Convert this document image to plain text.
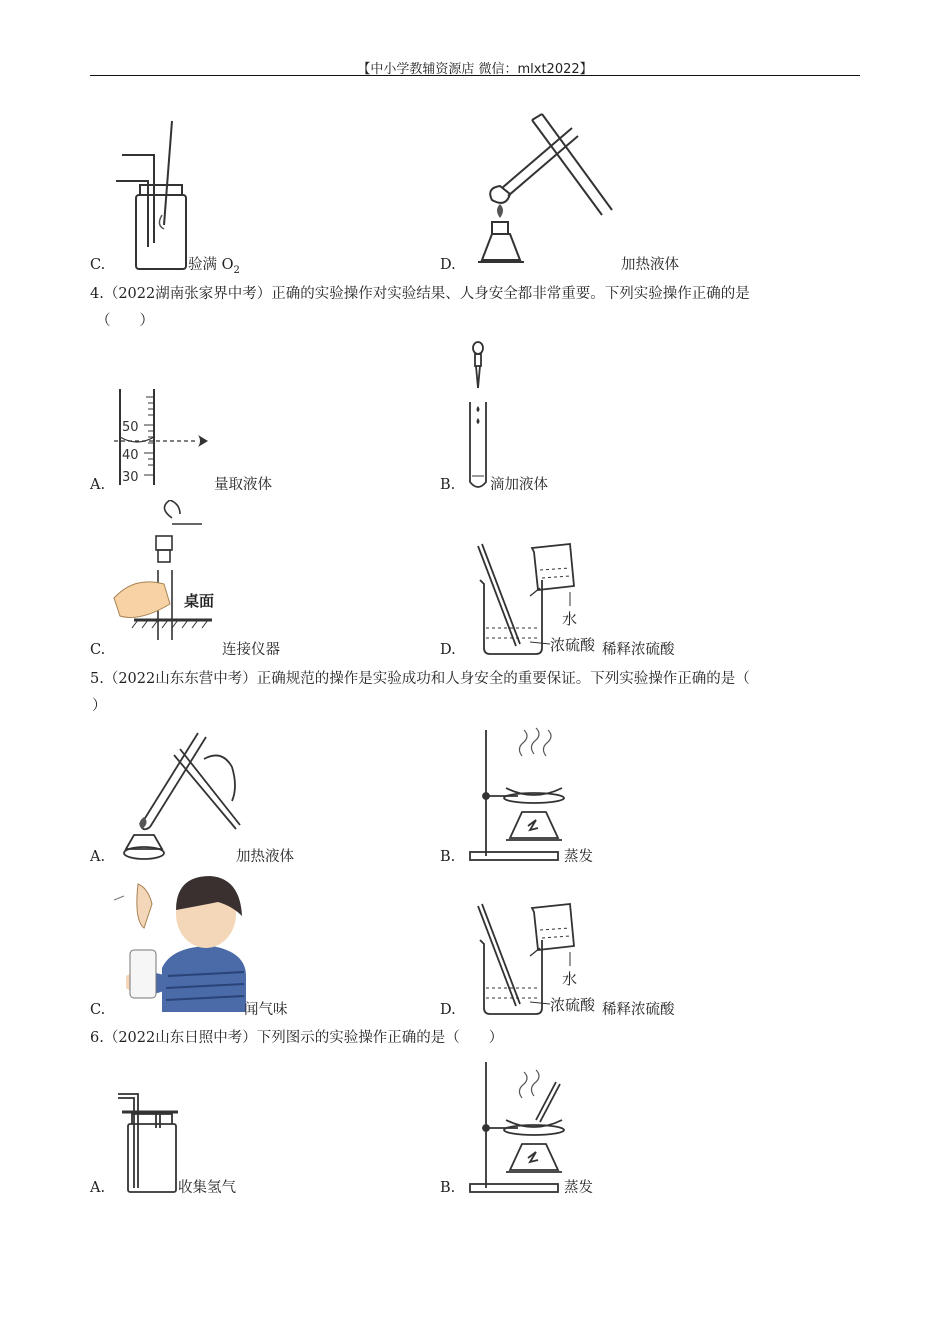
【中小学教辅资源店 微信：mlxt2022】
C.	验满 $O_2$	D.	加热液体
4.（2022湖南张家界中考）正确的实验操作对实验结果、人身安全都非常重要。下列实验操作正确的是
（　　）
50
40
30
A.	量取液体	B. 滴加液体
桌面
C.	连接仪器
水
浓硫酸
D.	稀释浓硫酸
5.（2022山东东营中考）正确规范的操作是实验成功和人身安全的重要保证。下列实验操作正确的是（
）
A.	加热液体	B.	蒸发
C.	闻气味
水
浓硫酸
D.	稀释浓硫酸
6.（2022山东日照中考）下列图示的实验操作正确的是（　　）
A.	收集氢气	B.	蒸发
